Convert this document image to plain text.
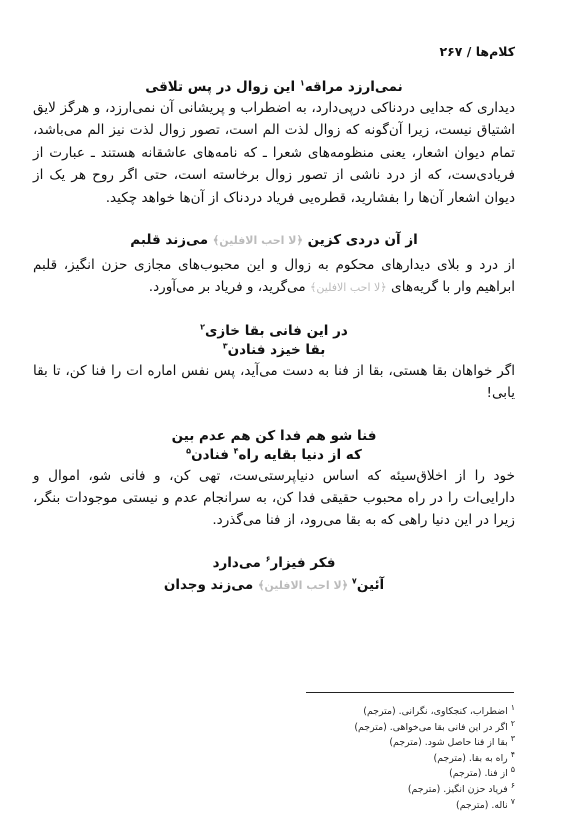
کلام‌ها / ۲۶۷
نمی‌ارزد مراقه$^۱$ این زوال در پس تلاقی

دیداری که جدایی دردناکی درپی‌دارد، به اضطراب و پریشانی آن نمی‌ارزد، و هرگز لایق اشتیاق نیست، زیرا آن‌گونه که زوال لذت الم است، تصور زوال لذت نیز الم می‌باشد، تمام دیوان اشعار، یعنی منظومه‌های شعرا ـ که نامه‌های عاشقانه هستند ـ عبارت از فریادی‌ست، که از درد ناشی از تصور زوال برخاسته است، حتی اگر روح هر یک از دیوان اشعار آن‌ها را بفشارید، قطره‌یی فریاد دردناک از آن‌ها خواهد چکید.

از آن دردی کزین ﴿لا احب الافلين﴾ می‌زند قلبم

از درد و بلای دیدارهای محکوم به زوال و این محبوب‌های مجازی حزن انگیز، قلبم ابراهیم وار با گریه‌های ﴿لا احب الافلين﴾ می‌گرید، و فریاد بر می‌آورد.

در این فانی بقا خازی$^۲$
بقا خیزد فنادن$^۳$

اگر خواهان بقا هستی، بقا از فنا به دست می‌آید، پس نفس اماره ات را فنا کن، تا بقا یابی!

فنا شو هم فدا کن هم عدم بین
که از دنیا بقایه راه$^۴$ فنادن$^۵$

خود را از اخلاق‌سیئه که اساس دنیاپرستی‌ست، تهی کن، و فانی شو، اموال و دارایی‌ات را در راه محبوب حقیقی فدا کن، به سرانجام عدم و نیستی موجودات بنگر، زیرا در این دنیا راهی که به بقا می‌رود، از فنا می‌گذرد.

فکر فیزار$^۶$ می‌دارد
آئین$^۷$ ﴿لا احب الافلين﴾ می‌زند وجدان
$^۱$ اضطراب، کنجکاوی، نگرانی. (مترجم)
$^۲$ اگر در این فانی بقا می‌خواهی. (مترجم)
$^۳$ بقا از فنا حاصل شود. (مترجم)
$^۴$ راه به بقا. (مترجم)
$^۵$ از فنا. (مترجم)
$^۶$ فریاد حزن انگیز. (مترجم)
$^۷$ ناله. (مترجم)
